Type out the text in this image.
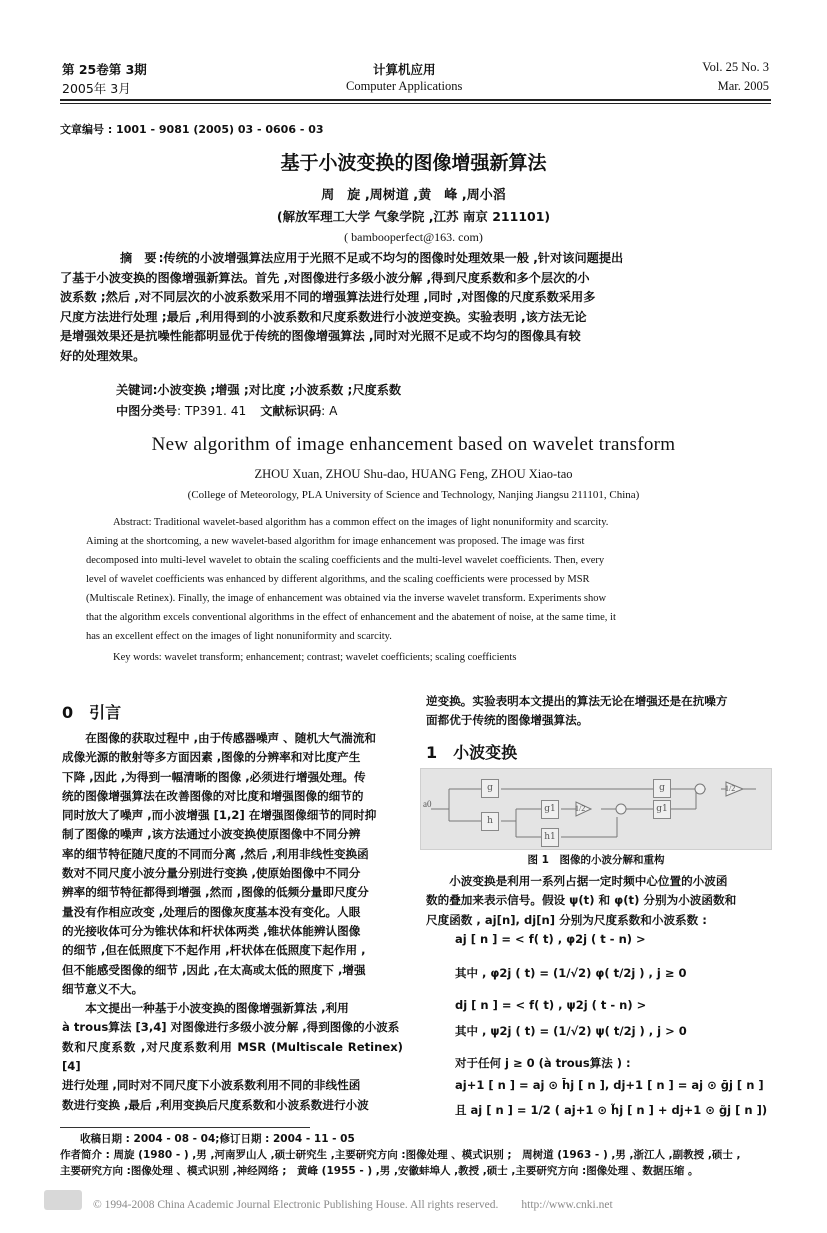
第 25卷第 3期
2005年 3月
计算机应用
Computer Applications
Vol. 25 No. 3
Mar. 2005
文章编号 : 1001 - 9081 (2005) 03 - 0606 - 03
基于小波变换的图像增强新算法
周　旋 ,周树道 ,黄　峰 ,周小滔
(解放军理工大学 气象学院 ,江苏 南京 211101)
( bambooperfect@163. com)

摘　要 :传统的小波增强算法应用于光照不足或不均匀的图像时处理效果一般 ,针对该问题提出

了基于小波变换的图像增强新算法。首先 ,对图像进行多级小波分解 ,得到尺度系数和多个层次的小

波系数 ;然后 ,对不同层次的小波系数采用不同的增强算法进行处理 ,同时 ,对图像的尺度系数采用多

尺度方法进行处理 ;最后 ,利用得到的小波系数和尺度系数进行小波逆变换。实验表明 ,该方法无论

是增强效果还是抗噪性能都明显优于传统的图像增强算法 ,同时对光照不足或不均匀的图像具有较

好的处理效果。

关键词:小波变换 ;增强 ;对比度 ;小波系数 ;尺度系数
中图分类号: TP391. 41 文献标识码: A
New algorithm of image enhancement based on wavelet transform
ZHOU Xuan, ZHOU Shu-dao, HUANG Feng, ZHOU Xiao-tao
(College of Meteorology, PLA University of Science and Technology, Nanjing Jiangsu 211101, China)
Abstract: Traditional wavelet-based algorithm has a common effect on the images of light nonuniformity and scarcity.
Aiming at the shortcoming, a new wavelet-based algorithm for image enhancement was proposed. The image was first
decomposed into multi-level wavelet to obtain the scaling coefficients and the multi-level wavelet coefficients. Then, every
level of wavelet coefficients was enhanced by different algorithms, and the scaling coefficients were processed by MSR
(Multiscale Retinex). Finally, the image of enhancement was obtained via the inverse wavelet transform. Experiments show
that the algorithm excels conventional algorithms in the effect of enhancement and the abatement of noise, at the same time, it
has an excellent effect on the images of light nonuniformity and scarcity.
Key words: wavelet transform; enhancement; contrast; wavelet coefficients; scaling coefficients
0　引言

在图像的获取过程中 ,由于传感器噪声 、随机大气湍流和

成像光源的散射等多方面因素 ,图像的分辨率和对比度产生

下降 ,因此 ,为得到一幅清晰的图像 ,必须进行增强处理。传

统的图像增强算法在改善图像的对比度和增强图像的细节的

同时放大了噪声 ,而小波增强 [1,2] 在增强图像细节的同时抑

制了图像的噪声 ,该方法通过小波变换使原图像中不同分辨

率的细节特征随尺度的不同而分离 ,然后 ,利用非线性变换函

数对不同尺度小波分量分别进行变换 ,使原始图像中不同分

辨率的细节特征都得到增强 ,然而 ,图像的低频分量即尺度分

量没有作相应改变 ,处理后的图像灰度基本没有变化。人眼

的光接收体可分为锥状体和杆状体两类 ,锥状体能辨认图像

的细节 ,但在低照度下不起作用 ,杆状体在低照度下起作用 ,

但不能感受图像的细节 ,因此 ,在太高或太低的照度下 ,增强

细节意义不大。

本文提出一种基于小波变换的图像增强新算法 ,利用

à trous算法 [3,4] 对图像进行多级小波分解 ,得到图像的小波系

数和尺度系数 ,对尺度系数利用 MSR (Multiscale Retinex) [4]

进行处理 ,同时对不同尺度下小波系数利用不同的非线性函

数进行变换 ,最后 ,利用变换后尺度系数和小波系数进行小波

逆变换。实验表明本文提出的算法无论在增强还是在抗噪方

面都优于传统的图像增强算法。

1　小波变换
a0
g
h
g1
h1
g1
g
1/2
1/2
图 1　图像的小波分解和重构

小波变换是利用一系列占据一定时频中心位置的小波函

数的叠加来表示信号。假设 ψ(t) 和 φ(t) 分别为小波函数和

尺度函数 , aj[n], dj[n] 分别为尺度系数和小波系数 :

aj [ n ] = < f( t) , φ2j ( t - n) >
其中 , φ2j ( t) = (1/√2) φ( t/2j ) , j ≥ 0
dj [ n ] = < f( t) , ψ2j ( t - n) >
其中 , ψ2j ( t) = (1/√2) ψ( t/2j ) , j > 0
对于任何 j ≥ 0 (à trous算法 ) :
aj+1 [ n ] = aj ⊙ h̄j [ n ], dj+1 [ n ] = aj ⊙ ḡj [ n ]
且 aj [ n ] = 1/2 ( aj+1 ⊙ h̃j [ n ] + dj+1 ⊙ g̃j [ n ])
收稿日期 : 2004 - 08 - 04;修订日期 : 2004 - 11 - 05
作者简介 : 周旋 (1980 - ) ,男 ,河南罗山人 ,硕士研究生 ,主要研究方向 :图像处理 、模式识别 ;　周树道 (1963 - ) ,男 ,浙江人 ,副教授 ,硕士 ,
主要研究方向 :图像处理 、模式识别 ,神经网络 ;　黄峰 (1955 - ) ,男 ,安徽蚌埠人 ,教授 ,硕士 ,主要研究方向 :图像处理 、数据压缩 。
© 1994-2008 China Academic Journal Electronic Publishing House. All rights reserved.　　http://www.cnki.net
